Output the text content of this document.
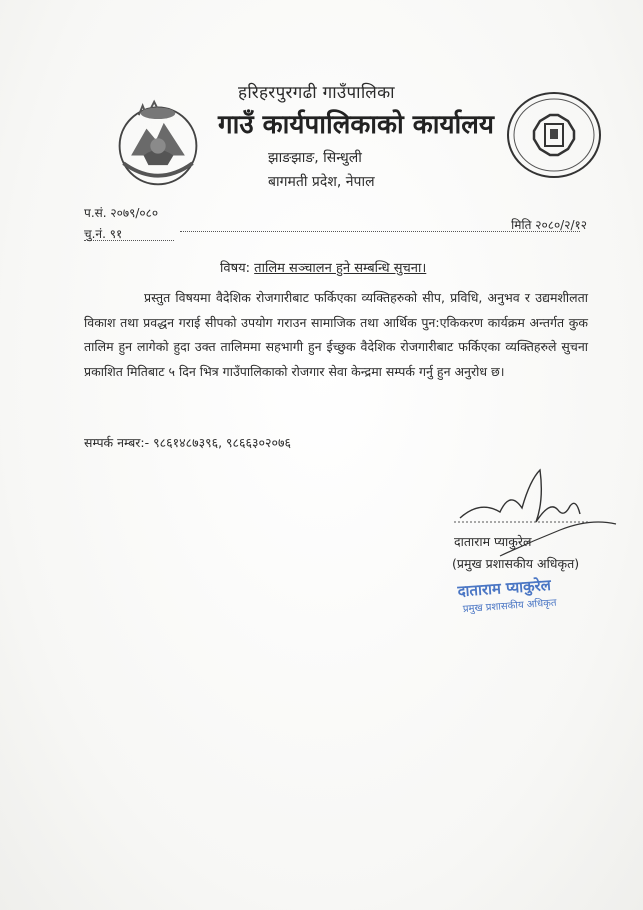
हरिहरपुरगढी गाउँपालिका
गाउँ कार्यपालिकाको कार्यालय
झाङझाङ, सिन्धुली
बागमती प्रदेश, नेपाल
प.सं. २०७९/०८०
चु.नं. ९१
मिति २०८०/२/१२
विषय: तालिम सञ्चालन हुने सम्बन्धि सुचना।
प्रस्तुत विषयमा वैदेशिक रोजगारीबाट फर्किएका व्यक्तिहरुको सीप, प्रविधि, अनुभव र उद्यमशीलता विकाश तथा प्रवद्धन गराई सीपको उपयोग गराउन सामाजिक तथा आर्थिक पुन:एकिकरण कार्यक्रम अन्तर्गत कुक तालिम हुन लागेको हुदा उक्त तालिममा सहभागी हुन ईच्छुक वैदेशिक रोजगारीबाट फर्किएका व्यक्तिहरुले सुचना प्रकाशित मितिबाट ५ दिन भित्र गाउँपालिकाको रोजगार सेवा केन्द्रमा सम्पर्क गर्नु हुन अनुरोध छ।
सम्पर्क नम्बर:- ९८६१४८७३९६, ९८६६३०२०७६
दाताराम प्याकुरेल
(प्रमुख प्रशासकीय अधिकृत)
दाताराम प्याकुरेल
प्रमुख प्रशासकीय अधिकृत
